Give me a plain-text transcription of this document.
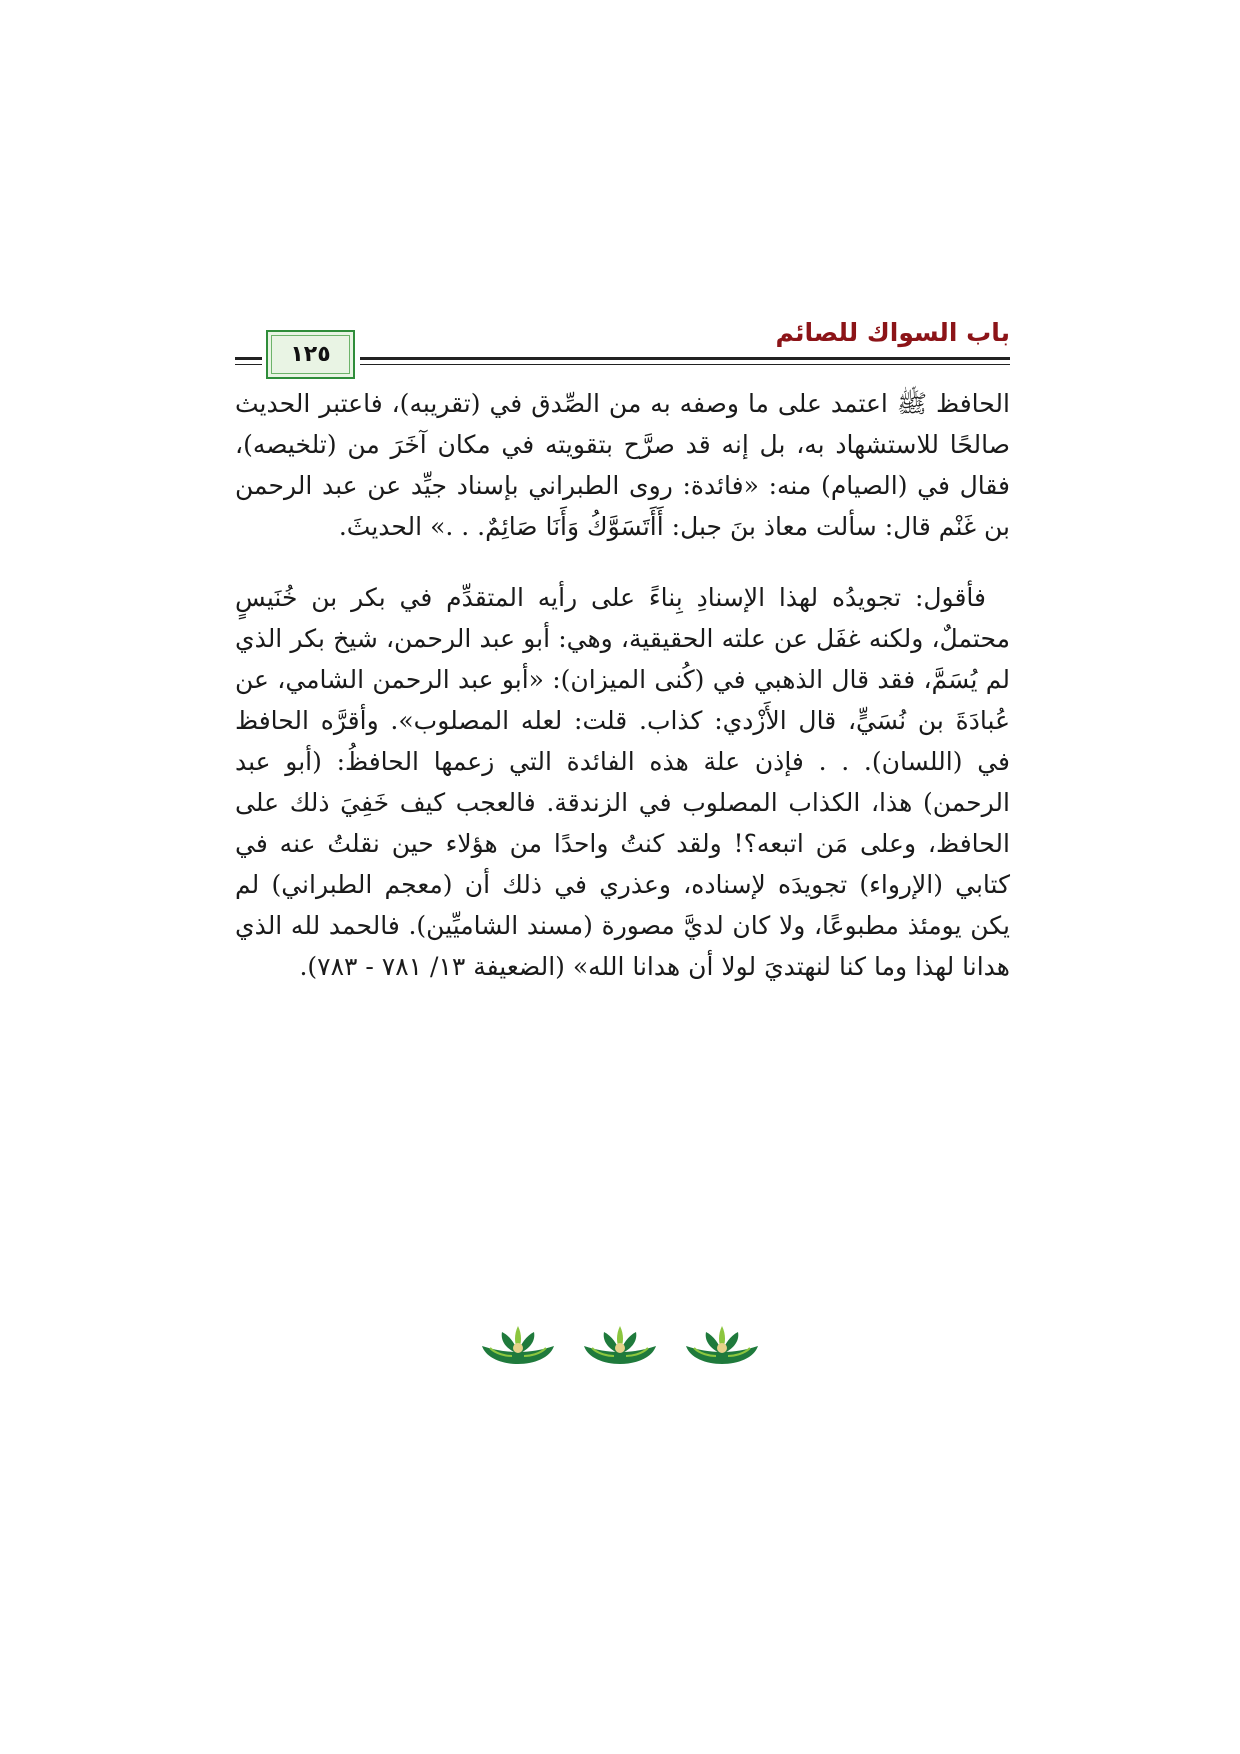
باب السواك للصائم
١٢٥

الحافظ ﷺ اعتمد على ما وصفه به من الصِّدق في (تقريبه)، فاعتبر الحديث صالحًا للاستشهاد به، بل إنه قد صرَّح بتقويته في مكان آخَرَ من (تلخيصه)، فقال في (الصيام) منه: «فائدة: روى الطبراني بإسناد جيِّد عن عبد الرحمن بن غَنْم قال: سألت معاذ بنَ جبل: أَأَتَسَوَّكُ وَأَنَا صَائِمٌ. . .» الحديثَ.

فأقول: تجويدُه لهذا الإسنادِ بِناءً على رأيه المتقدِّم في بكر بن خُنَيسٍ محتملٌ، ولكنه غفَل عن علته الحقيقية، وهي: أبو عبد الرحمن، شيخ بكر الذي لم يُسَمَّ، فقد قال الذهبي في (كُنى الميزان): «أبو عبد الرحمن الشامي، عن عُبادَةَ بن نُسَيٍّ، قال الأَزْدي: كذاب. قلت: لعله المصلوب». وأقرَّه الحافظ في (اللسان). . . فإذن علة هذه الفائدة التي زعمها الحافظُ: (أبو عبد الرحمن) هذا، الكذاب المصلوب في الزندقة. فالعجب كيف خَفِيَ ذلك على الحافظ، وعلى مَن اتبعه؟! ولقد كنتُ واحدًا من هؤلاء حين نقلتُ عنه في كتابي (الإرواء) تجويدَه لإسناده، وعذري في ذلك أن (معجم الطبراني) لم يكن يومئذ مطبوعًا، ولا كان لديَّ مصورة (مسند الشاميِّين). فالحمد لله الذي هدانا لهذا وما كنا لنهتديَ لولا أن هدانا الله» (الضعيفة ١٣/ ٧٨١ - ٧٨٣).
